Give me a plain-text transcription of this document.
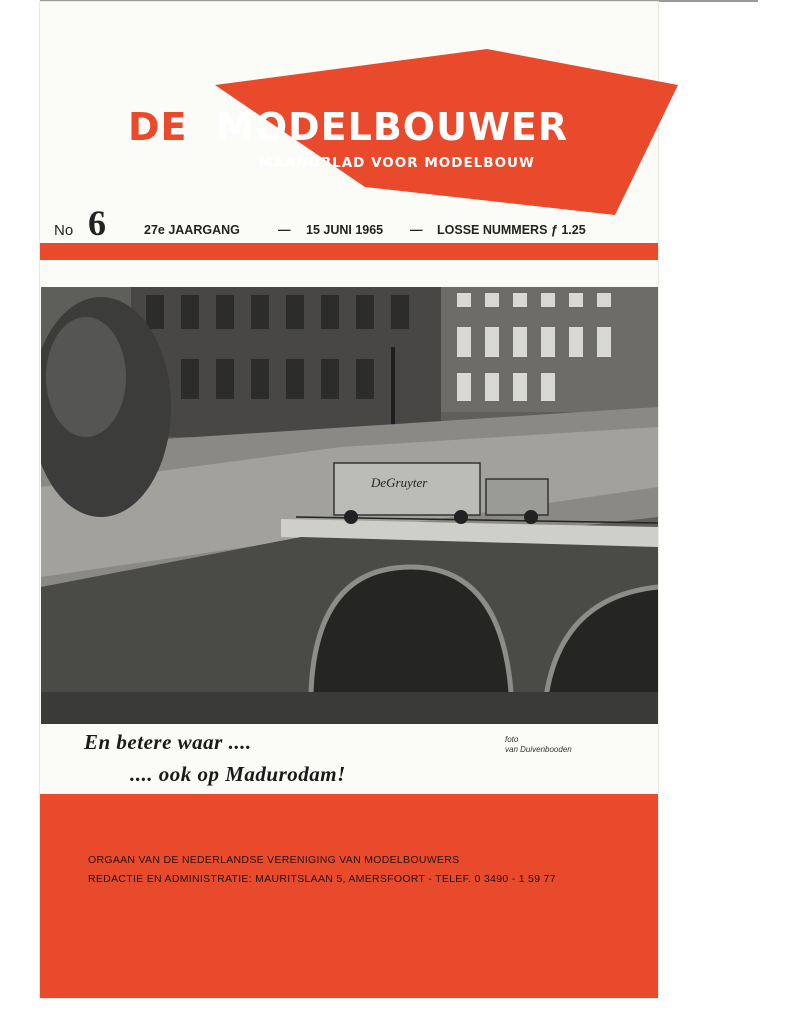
DE MODELBOUWER
MAANDBLAD VOOR MODELBOUW
No 6	27e JAARGANG	— 15 JUNI 1965 — LOSSE NUMMERS ƒ 1.25
DeGruyter
En betere waar ....
.... ook op Madurodam!
foto
van Duivenbooden
ORGAAN VAN DE NEDERLANDSE VERENIGING VAN MODELBOUWERS
REDACTIE EN ADMINISTRATIE: MAURITSLAAN 5, AMERSFOORT - TELEF. 0 3490 - 1 59 77
